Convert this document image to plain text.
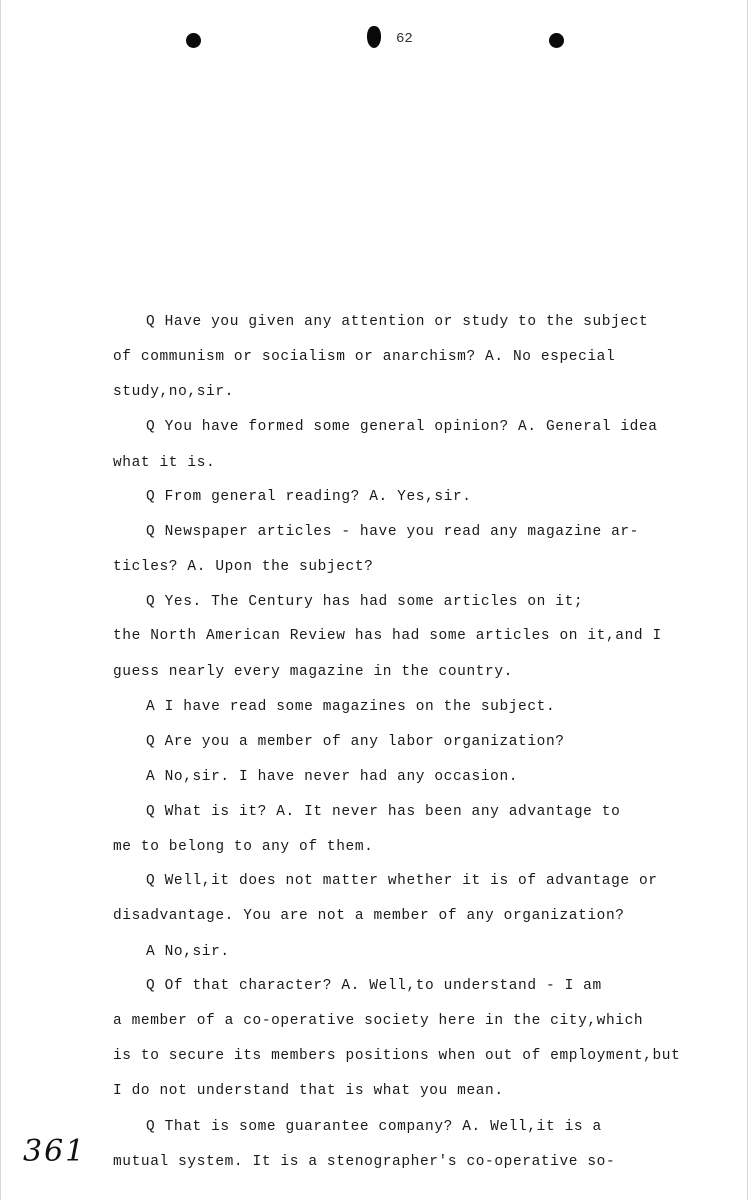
62
Q Have you given any attention or study to the subject
of communism or socialism or anarchism? A. No especial
study,no,sir.
Q You have formed some general opinion? A. General idea
what it is.
Q From general reading? A. Yes,sir.
Q Newspaper articles - have you read any magazine ar-
ticles? A. Upon the subject?
Q Yes. The Century has had some articles on it;
the North American Review has had some articles on it,and I
guess nearly every magazine in the country.
A I have read some magazines on the subject.
Q Are you a member of any labor organization?
A No,sir. I have never had any occasion.
Q What is it? A. It never has been any advantage to
me to belong to any of them.
Q Well,it does not matter whether it is of advantage or
disadvantage. You are not a member of any organization?
A No,sir.
Q Of that character? A. Well,to understand - I am
a member of a co-operative society here in the city,which
is to secure its members positions when out of employment,but
I do not understand that is what you mean.
Q That is some guarantee company? A. Well,it is a
mutual system. It is a stenographer's co-operative so-
361
